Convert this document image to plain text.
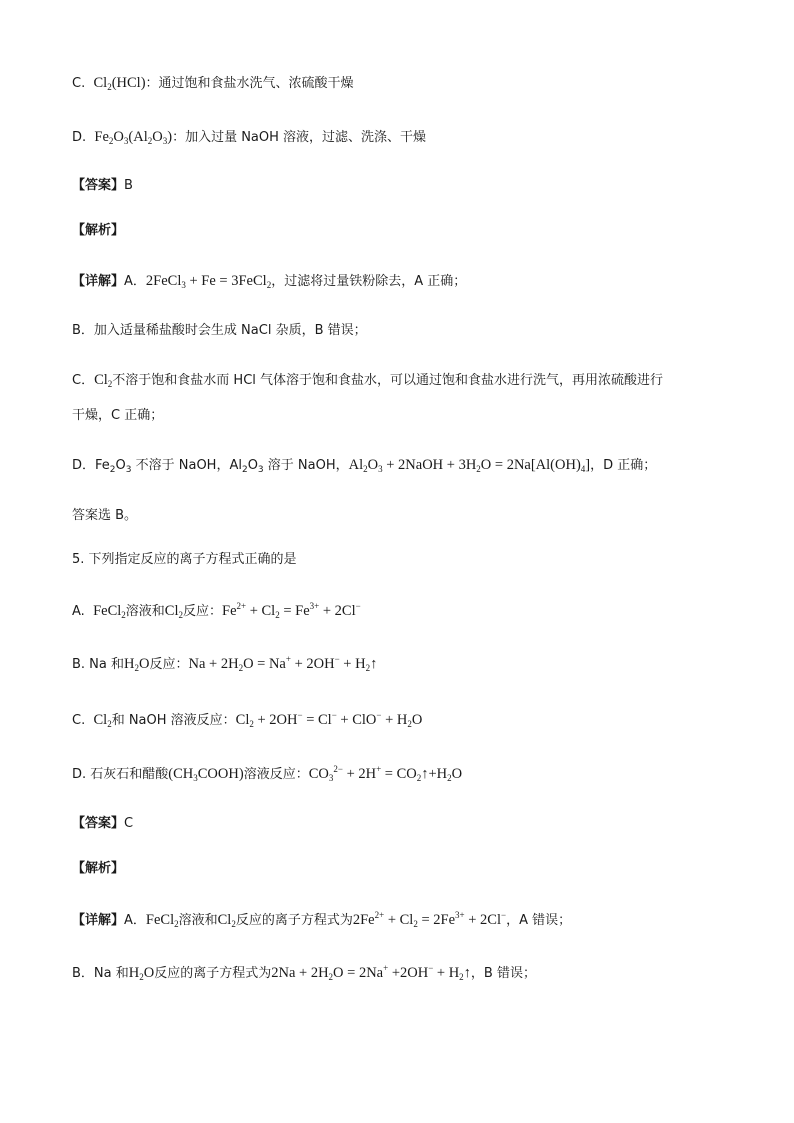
C.  $Cl_2(HCl)$：通过饱和食盐水洗气、浓硫酸干燥
D.  $Fe_2O_3(Al_2O_3)$：加入过量 NaOH 溶液，过滤、洗涤、干燥
【答案】B
【解析】
【详解】A．2FeCl$_3$ + Fe = 3FeCl$_2$，过滤将过量铁粉除去，A 正确；
B．加入适量稀盐酸时会生成 NaCl 杂质，B 错误；
C．$Cl_2$不溶于饱和食盐水而 HCl 气体溶于饱和食盐水，可以通过饱和食盐水进行洗气，再用浓硫酸进行
干燥，C 正确；
D．$Fe_2O_3$ 不溶于 NaOH，$Al_2O_3$ 溶于 NaOH，$Al_2O_3$ + 2NaOH + $3H_2O = 2Na[Al(OH)_4]$，D 正确；
答案选 B。
5. 下列指定反应的离子方程式正确的是
A.  FeCl$_2$溶液和$Cl_2$反应：$Fe^{2+} + Cl_2 = Fe^{3+} + 2Cl^-$
B. Na 和$H_2O$反应：$Na + 2H_2O = Na^+ + 2OH^-$ + $H_2↑$
C.  $Cl_2$和 NaOH 溶液反应：$Cl_2 + 2OH^- = Cl^- + ClO^- + H_2O$
D. 石灰石和醋酸$(CH_3COOH)$溶液反应：$CO_3^{2-} + 2H^+$ = $CO_2↑+H_2O$
【答案】C
【解析】
【详解】A．FeCl$_2$溶液和$Cl_2$反应的离子方程式为$2Fe^{2+} + Cl_2 = 2Fe^{3+} + 2Cl^-$，A 错误；
B．Na 和$H_2O$反应的离子方程式为$2Na + 2H_2O = 2Na^+ +2OH^-$ + $H_2↑$，B 错误；
